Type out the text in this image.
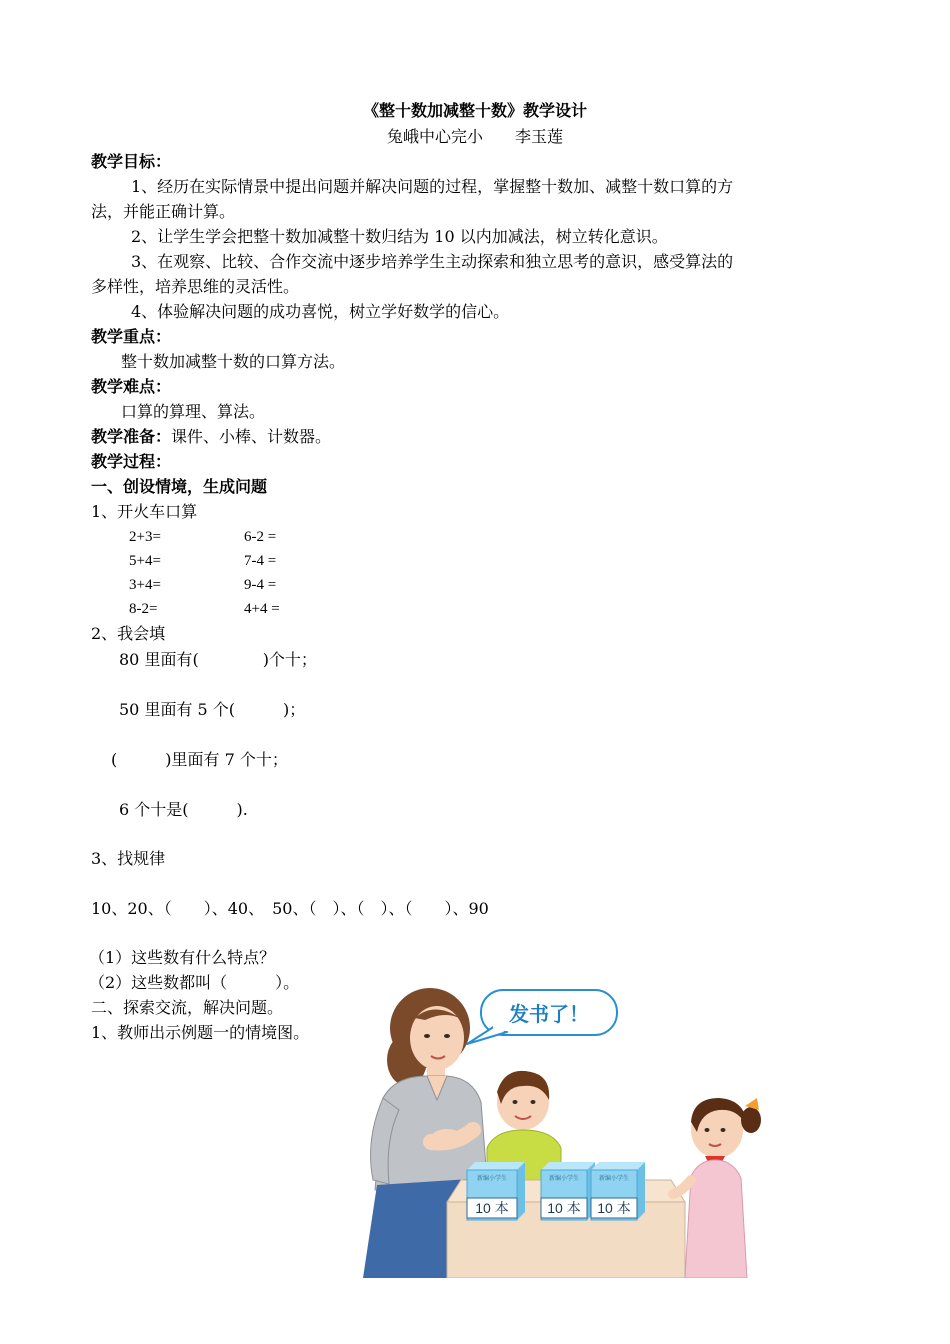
《整十数加减整十数》教学设计
兔峨中心完小　　李玉莲
教学目标：
1、经历在实际情景中提出问题并解决问题的过程，掌握整十数加、减整十数口算的方
法，并能正确计算。
2、让学生学会把整十数加减整十数归结为 10 以内加减法，树立转化意识。
3、在观察、比较、合作交流中逐步培养学生主动探索和独立思考的意识，感受算法的
多样性，培养思维的灵活性。
4、体验解决问题的成功喜悦，树立学好数学的信心。
教学重点：
整十数加减整十数的口算方法。
教学难点：
口算的算理、算法。
教学准备：课件、小棒、计数器。
教学过程：
一、创设情境，生成问题
1、开火车口算
2+3=	6-2 =
5+4=	7-4 =
3+4=	9-4 =
8-2=	4+4 =
2、我会填
80 里面有(　　　　)个十；
50 里面有 5 个(　　　)；
(　　　)里面有 7 个十；
6 个十是(　　　).
3、找规律
10、20、（　　）、40、　50、（　）、（　）、（　　）、90
（1）这些数有什么特点？
（2）这些数都叫（　　　）。
二、探索交流，解决问题。
1、教师出示例题一的情境图。
发书了！
新编小学生
10 本
新编小学生
10 本
新编小学生
10 本
